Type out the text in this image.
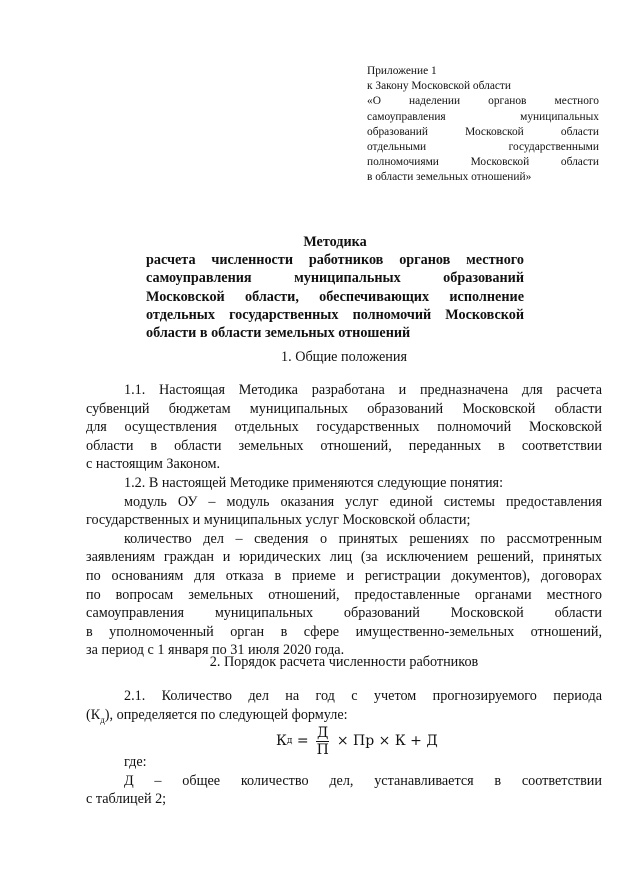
Приложение 1
к Закону Московской области
«О наделении органов местного
самоуправления муниципальных
образований Московской области
отдельными государственными
полномочиями Московской области
в области земельных отношений»
Методика
расчета численности работников органов местного
самоуправления муниципальных образований
Московской области, обеспечивающих исполнение
отдельных государственных полномочий Московской
области в области земельных отношений
1. Общие положения
1.1. Настоящая Методика разработана и предназначена для расчета
субвенций бюджетам муниципальных образований Московской области
для осуществления отдельных государственных полномочий Московской
области в области земельных отношений, переданных в соответствии
с настоящим Законом.
1.2. В настоящей Методике применяются следующие понятия:
модуль ОУ – модуль оказания услуг единой системы предоставления
государственных и муниципальных услуг Московской области;
количество дел – сведения о принятых решениях по рассмотренным
заявлениям граждан и юридических лиц (за исключением решений, принятых
по основаниям для отказа в приеме и регистрации документов), договорах
по вопросам земельных отношений, предоставленные органами местного
самоуправления муниципальных образований Московской области
в уполномоченный орган в сфере имущественно-земельных отношений,
за период с 1 января по 31 июля 2020 года.
2. Порядок расчета численности работников
2.1. Количество дел на год с учетом прогнозируемого периода
$(К_д)$, определяется по следующей формуле:
К $д = \frac{Д}{П}$ × Пр × К + Д
где:
Д – общее количество дел, устанавливается в соответствии
с таблицей 2;
